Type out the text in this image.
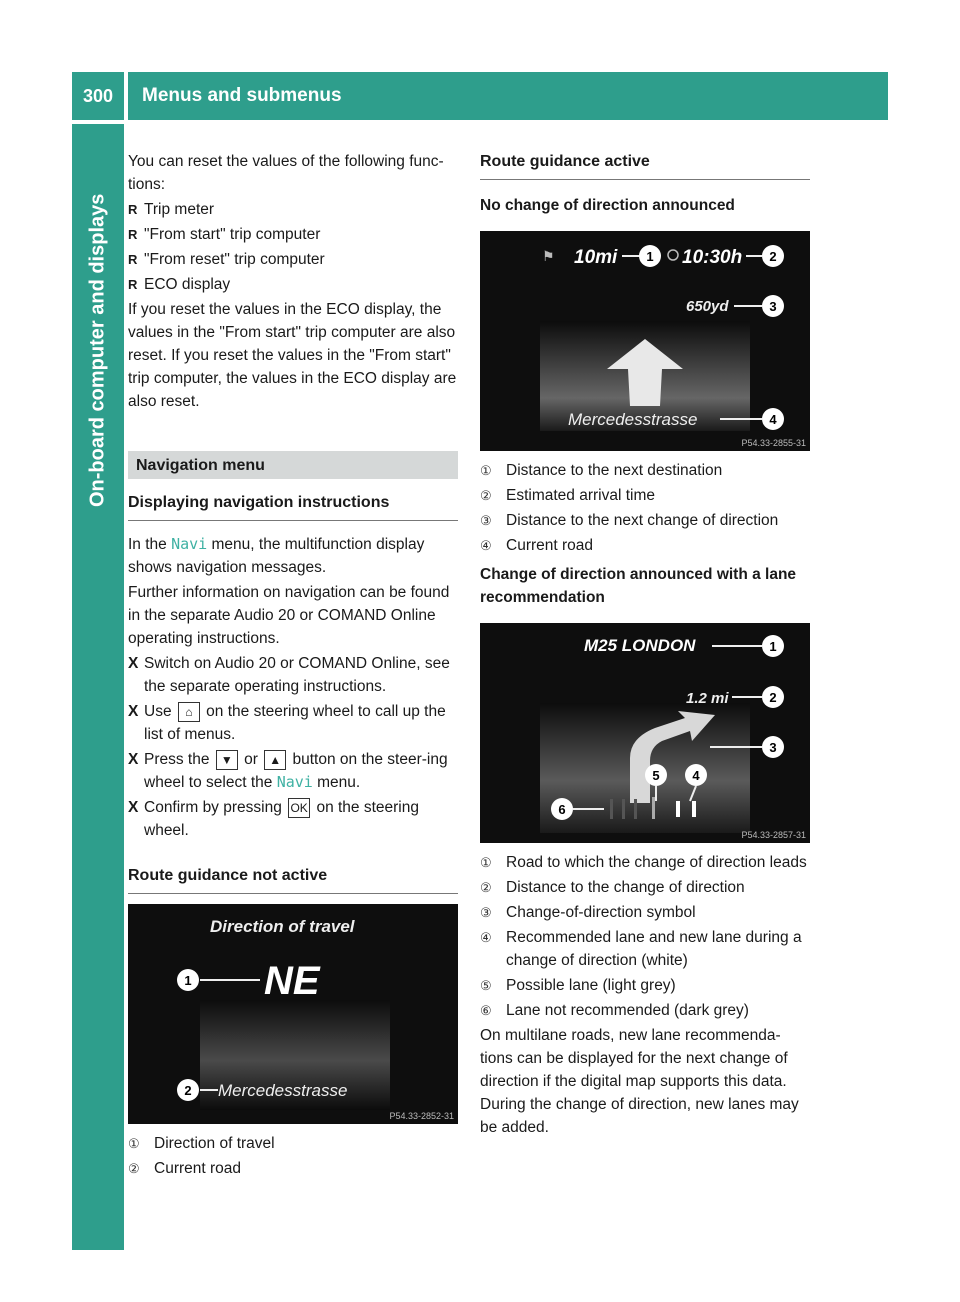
300	Menus and submenus
On-board computer and displays

You can reset the values of the following func-tions:

R Trip meter
R "From start" trip computer
R "From reset" trip computer
R ECO display

If you reset the values in the ECO display, the values in the "From start" trip computer are also reset. If you reset the values in the "From start" trip computer, the values in the ECO display are also reset.

Navigation menu
Displaying navigation instructions

In the Navi menu, the multifunction display shows navigation messages.

Further information on navigation can be found in the separate Audio 20 or COMAND Online operating instructions.

X Switch on Audio 20 or COMAND Online, see the separate operating instructions.
X Use ⌂ on the steering wheel to call up the list of menus.
X Press the ▼ or ▲ button on the steer-ing wheel to select the Navi menu.
X Confirm by pressing OK on the steering wheel.
Route guidance not active
Direction of travel
1 NE
2 Mercedesstrasse
P54.33-2852-31
① Direction of travel
② Current road
Route guidance active
No change of direction announced
⚑ 10mi 1 10:30h 2
650yd	3
Mercedesstrasse	4
P54.33-2855-31
① Distance to the next destination
② Estimated arrival time
③ Distance to the next change of direction
④ Current road
Change of direction announced with a lane recommendation
M25 LONDON	1
1.2 mi	2
3
5	4
6
P54.33-2857-31
① Road to which the change of direction leads
② Distance to the change of direction
③ Change-of-direction symbol
④ Recommended lane and new lane during a change of direction (white)
⑤ Possible lane (light grey)
⑥ Lane not recommended (dark grey)

On multilane roads, new lane recommenda-tions can be displayed for the next change of direction if the digital map supports this data. During the change of direction, new lanes may be added.
